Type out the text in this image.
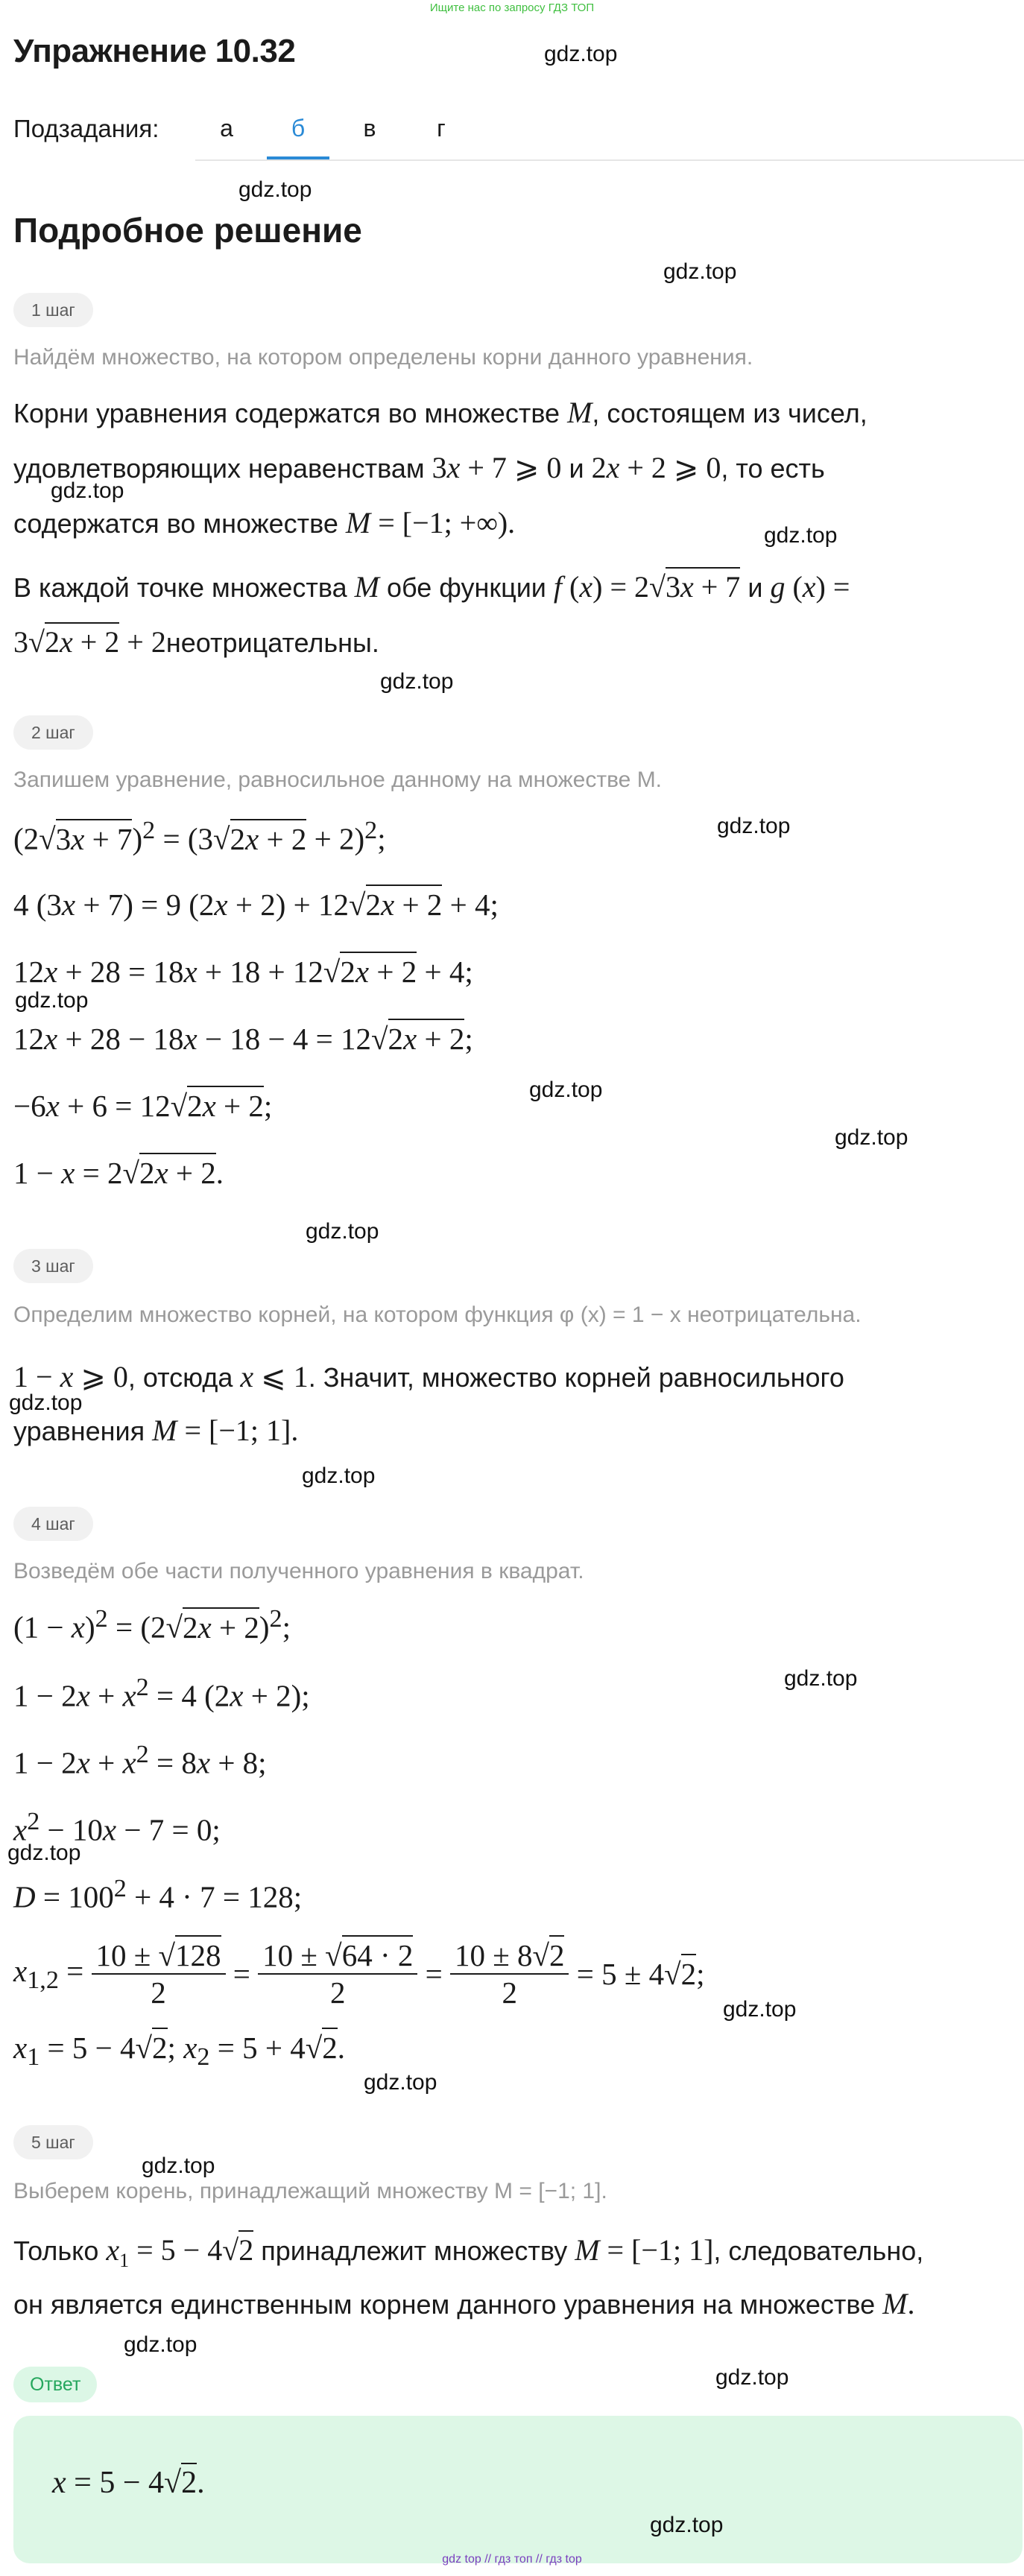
Ищите нас по запросу ГДЗ ТОП
Упражнение 10.32	gdz.top
Подзадания:	а	б	в	г
gdz.top
Подробное решение
gdz.top
1 шаг
Найдём множество, на котором определены корни данного уравнения.
Корни уравнения содержатся во множестве M, состоящем из чисел,
удовлетворяющих неравенствам 3x + 7 ⩾ 0 и 2x + 2 ⩾ 0, то есть
gdz.top
содержатся во множестве M = [−1; +∞).	gdz.top
В каждой точке множества M обе функции f (x) = 2√3x + 7 и g (x) =
3√2x + 2 + 2неотрицательны.
gdz.top
2 шаг
Запишем уравнение, равносильное данному на множестве M.
gdz.top
$(2√3x + 7)^2 = (3√2x + 2 + 2)^2$;
4 (3x + 7) = 9 (2x + 2) + 12√2x + 2 + 4;
12x + 28 = 18x + 18 + 12√2x + 2 + 4;
gdz.top
12x + 28 − 18x − 18 − 4 = 12√2x + 2;
gdz.top
−6x + 6 = 12√2x + 2;
gdz.top
1 − x = 2√2x + 2.
gdz.top
3 шаг
Определим множество корней, на котором функция φ (x) = 1 − x неотрицательна.
1 − x ⩾ 0, отсюда x ⩽ 1. Значит, множество корней равносильного
gdz.top
уравнения M = [−1; 1].
gdz.top
4 шаг
Возведём обе части полученного уравнения в квадрат.
$(1 - x)^2 = (2√2x + 2)^2$;
gdz.top
$1 - 2x + x^2 = 4$ (2x + 2);
$1 - 2x + x^2 = 8x + 8$;
$x^2 - 10x - 7 = 0$;
gdz.top
$D = 100^2 + 4 \cdot 7 = 128$;
$x_{1,2} = \frac{10 \pm √128}{2} = \frac{10 \pm √64 \cdot 2}{2} = \frac{10 \pm 8√2}{2} = 5 \pm 4√2$;
gdz.top
$x_1 = 5 - 4√2$; $x_2 = 5 + 4√2$.
gdz.top
5 шаг
gdz.top
Выберем корень, принадлежащий множеству M = [−1; 1].
Только $x_1 = 5 - 4√2$ принадлежит множеству M = [−1; 1], следовательно,
он является единственным корнем данного уравнения на множестве M.
gdz.top
gdz.top
Ответ
x = 5 − 4√2.
gdz.top
gdz top // гдз топ // гдз top
